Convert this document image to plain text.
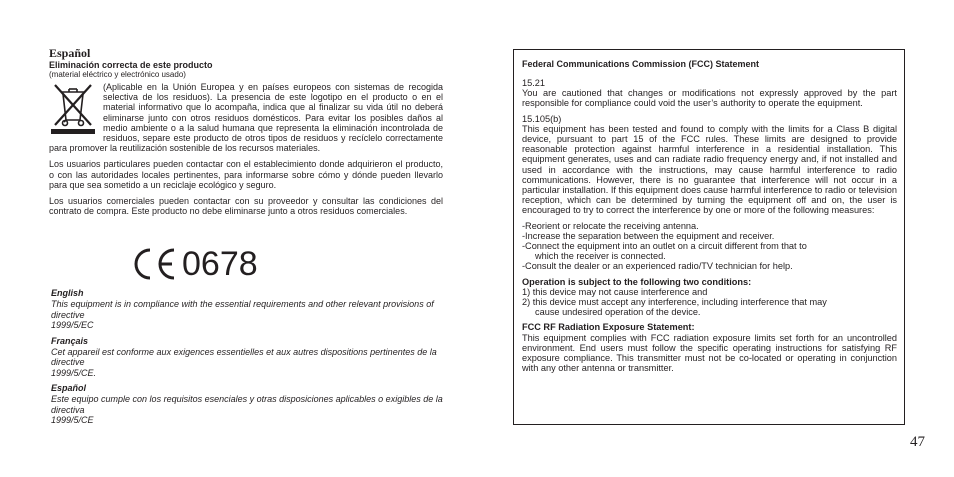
Español

Eliminación correcta de este producto

(material eléctrico y electrónico usado)

(Aplicable en la Unión Europea y en países europeos con sistemas de recogida selectiva de los residuos). La presencia de este logotipo en el producto o en el material informativo que lo acompaña, indica que al finalizar su vida útil no deberá eliminarse junto con otros residuos domésticos. Para evitar los posibles daños al medio ambiente o a la salud humana que representa la eliminación incontrolada de residuos, separe este producto de otros tipos de residuos y recíclelo correctamente para promover la reutilización sostenible de los recursos materiales.

Los usuarios particulares pueden contactar con el establecimiento donde adquirieron el producto, o con las autoridades locales pertinentes, para informarse sobre cómo y dónde pueden llevarlo para que sea sometido a un reciclaje ecológico y seguro.

Los usuarios comerciales pueden contactar con su proveedor y consultar las condiciones del contrato de compra. Este producto no debe eliminarse junto a otros residuos comerciales.

0678

English

This equipment is in compliance with the essential requirements and other relevant provisions of directive

1999/5/EC

Français

Cet appareil est conforme aux exigences essentielles et aux autres dispositions pertinentes de la directive

1999/5/CE.

Español

Este equipo cumple con los requisitos esenciales y otras disposiciones aplicables o exigibles de la directiva

1999/5/CE

Federal Communications Commission (FCC) Statement

15.21

You are cautioned that changes or modifications not expressly approved by the part responsible for compliance could void the user’s authority to operate the equipment.

15.105(b)

This equipment has been tested and found to comply with the limits for a Class B digital device, pursuant to part 15 of the FCC rules. These limits are designed to provide reasonable protection against harmful interference in a residential installation. This equipment generates, uses and can radiate radio frequency energy and, if not installed and used in accordance with the instructions, may cause harmful interference to radio communications. However, there is no guarantee that interference will not occur in a particular installation. If this equipment does cause harmful interference to radio or television reception, which can be determined by turning the equipment off and on, the user is encouraged to try to correct the interference by one or more of the following measures:

-Reorient or relocate the receiving antenna.

-Increase the separation between the equipment and receiver.

-Connect the equipment into an outlet on a circuit different from that to

which the receiver is connected.

-Consult the dealer or an experienced radio/TV technician for help.

Operation is subject to the following two conditions:

1) this device may not cause interference and

2) this device must accept any interference, including interference that may

cause undesired operation of the device.

FCC RF Radiation Exposure Statement:

This equipment complies with FCC radiation exposure limits set forth for an uncontrolled environment. End users must follow the specific operating instructions for satisfying RF exposure compliance. This transmitter must not be co-located or operating in conjunction with any other antenna or transmitter.

47
